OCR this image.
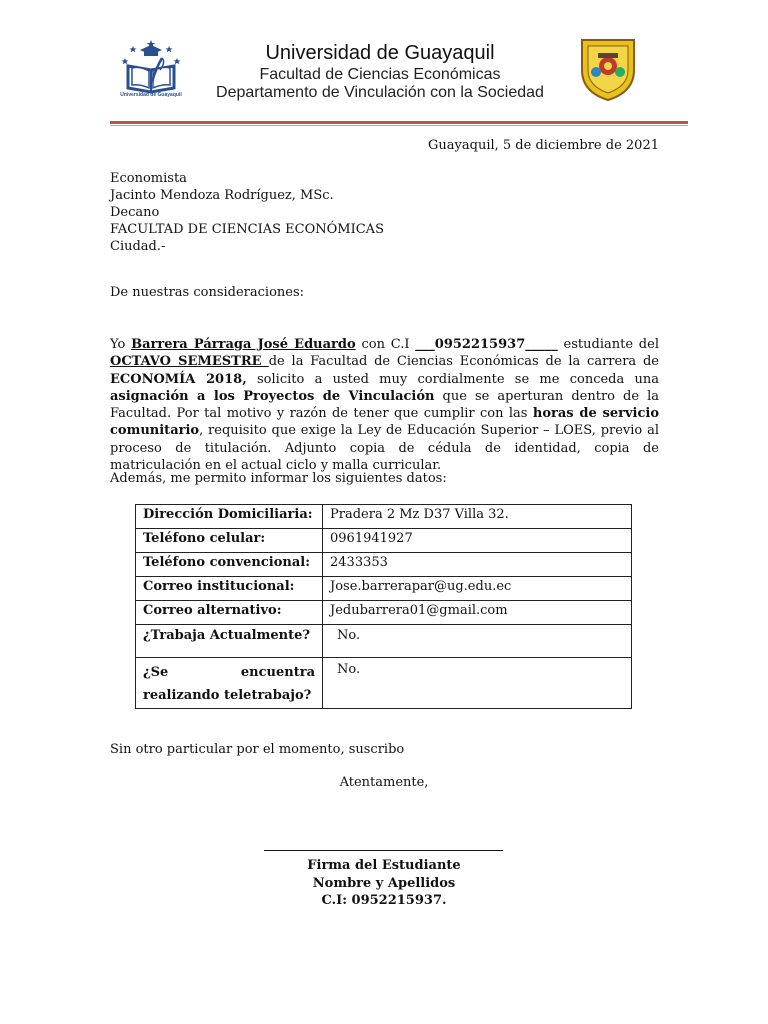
Universidad de Guayaquil
Universidad de Guayaquil
Facultad de Ciencias Económicas
Departamento de Vinculación con la Sociedad
Guayaquil, 5 de diciembre de 2021
Economista
Jacinto Mendoza Rodríguez, MSc.
Decano
FACULTAD DE CIENCIAS ECONÓMICAS
Ciudad.-
De nuestras consideraciones:
Yo Barrera Párraga José Eduardo con C.I ___0952215937_____ estudiante del OCTAVO SEMESTRE de la Facultad de Ciencias Económicas de la carrera de ECONOMÍA 2018, solicito a usted muy cordialmente se me conceda una asignación a los Proyectos de Vinculación que se aperturan dentro de la Facultad. Por tal motivo y razón de tener que cumplir con las horas de servicio comunitario, requisito que exige la Ley de Educación Superior – LOES, previo al proceso de titulación. Adjunto copia de cédula de identidad, copia de matriculación en el actual ciclo y malla curricular.
Además, me permito informar los siguientes datos:
Dirección Domiciliaria:	Pradera 2 Mz D37 Villa 32.
Teléfono celular:	0961941927
Teléfono convencional:	2433353
Correo institucional:	Jose.barrerapar@ug.edu.ec
Correo alternativo:	Jedubarrera01@gmail.com
¿Trabaja Actualmente?	No.
¿Se encuentra realizando teletrabajo?	No.
Sin otro particular por el momento, suscribo
Atentamente,
Firma del Estudiante
Nombre y Apellidos
C.I: 0952215937.
